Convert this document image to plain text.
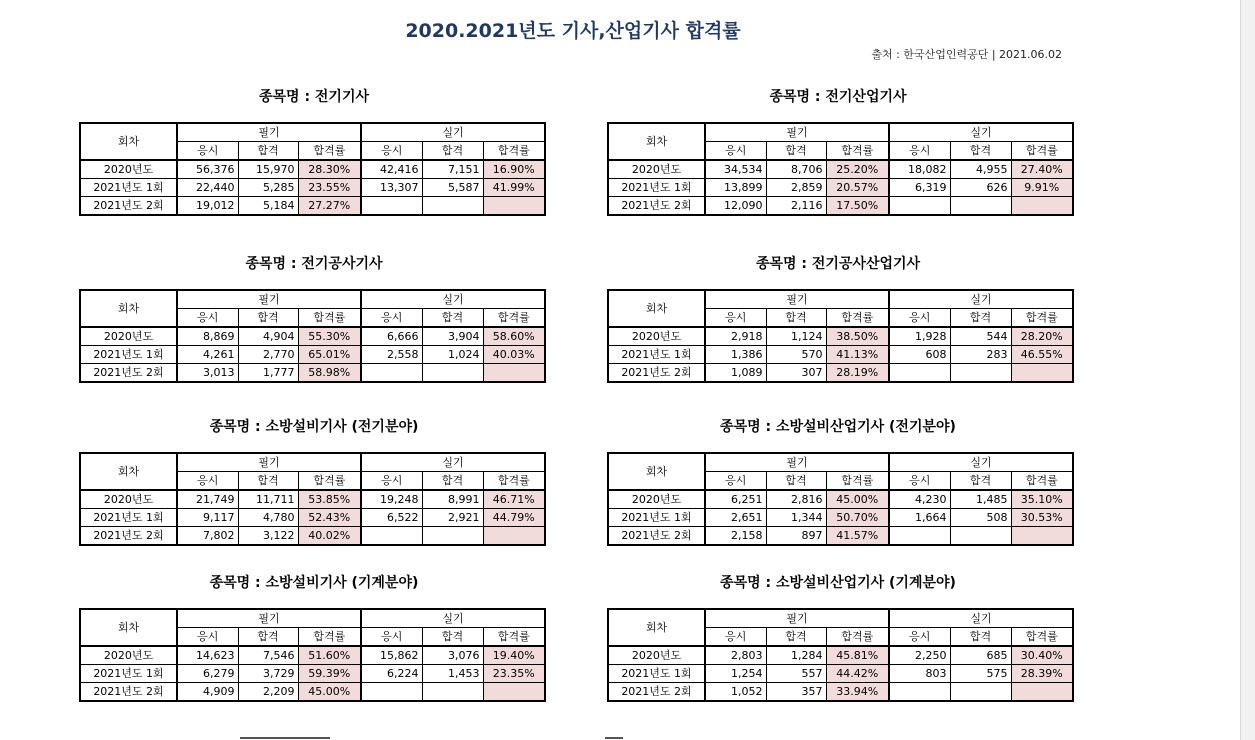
2020.2021년도 기사,산업기사 합격률
출처 : 한국산업인력공단 | 2021.06.02
종목명 : 전기기사
회차	필기			실기		
	응시	합격	합격률	응시	합격	합격률
2020년도	56,376	15,970	28.30%	42,416	7,151	16.90%
2021년도 1회	22,440	5,285	23.55%	13,307	5,587	41.99%
2021년도 2회	19,012	5,184	27.27%			
종목명 : 전기산업기사
회차	필기			실기		
	응시	합격	합격률	응시	합격	합격률
2020년도	34,534	8,706	25.20%	18,082	4,955	27.40%
2021년도 1회	13,899	2,859	20.57%	6,319	626	9.91%
2021년도 2회	12,090	2,116	17.50%			
종목명 : 전기공사기사
회차	필기			실기		
	응시	합격	합격률	응시	합격	합격률
2020년도	8,869	4,904	55.30%	6,666	3,904	58.60%
2021년도 1회	4,261	2,770	65.01%	2,558	1,024	40.03%
2021년도 2회	3,013	1,777	58.98%			
종목명 : 전기공사산업기사
회차	필기			실기		
	응시	합격	합격률	응시	합격	합격률
2020년도	2,918	1,124	38.50%	1,928	544	28.20%
2021년도 1회	1,386	570	41.13%	608	283	46.55%
2021년도 2회	1,089	307	28.19%			
종목명 : 소방설비기사 (전기분야)
회차	필기			실기		
	응시	합격	합격률	응시	합격	합격률
2020년도	21,749	11,711	53.85%	19,248	8,991	46.71%
2021년도 1회	9,117	4,780	52.43%	6,522	2,921	44.79%
2021년도 2회	7,802	3,122	40.02%			
종목명 : 소방설비산업기사 (전기분야)
회차	필기			실기		
	응시	합격	합격률	응시	합격	합격률
2020년도	6,251	2,816	45.00%	4,230	1,485	35.10%
2021년도 1회	2,651	1,344	50.70%	1,664	508	30.53%
2021년도 2회	2,158	897	41.57%			
종목명 : 소방설비기사 (기계분야)
회차	필기			실기		
	응시	합격	합격률	응시	합격	합격률
2020년도	14,623	7,546	51.60%	15,862	3,076	19.40%
2021년도 1회	6,279	3,729	59.39%	6,224	1,453	23.35%
2021년도 2회	4,909	2,209	45.00%			
종목명 : 소방설비산업기사 (기계분야)
회차	필기			실기		
	응시	합격	합격률	응시	합격	합격률
2020년도	2,803	1,284	45.81%	2,250	685	30.40%
2021년도 1회	1,254	557	44.42%	803	575	28.39%
2021년도 2회	1,052	357	33.94%			
